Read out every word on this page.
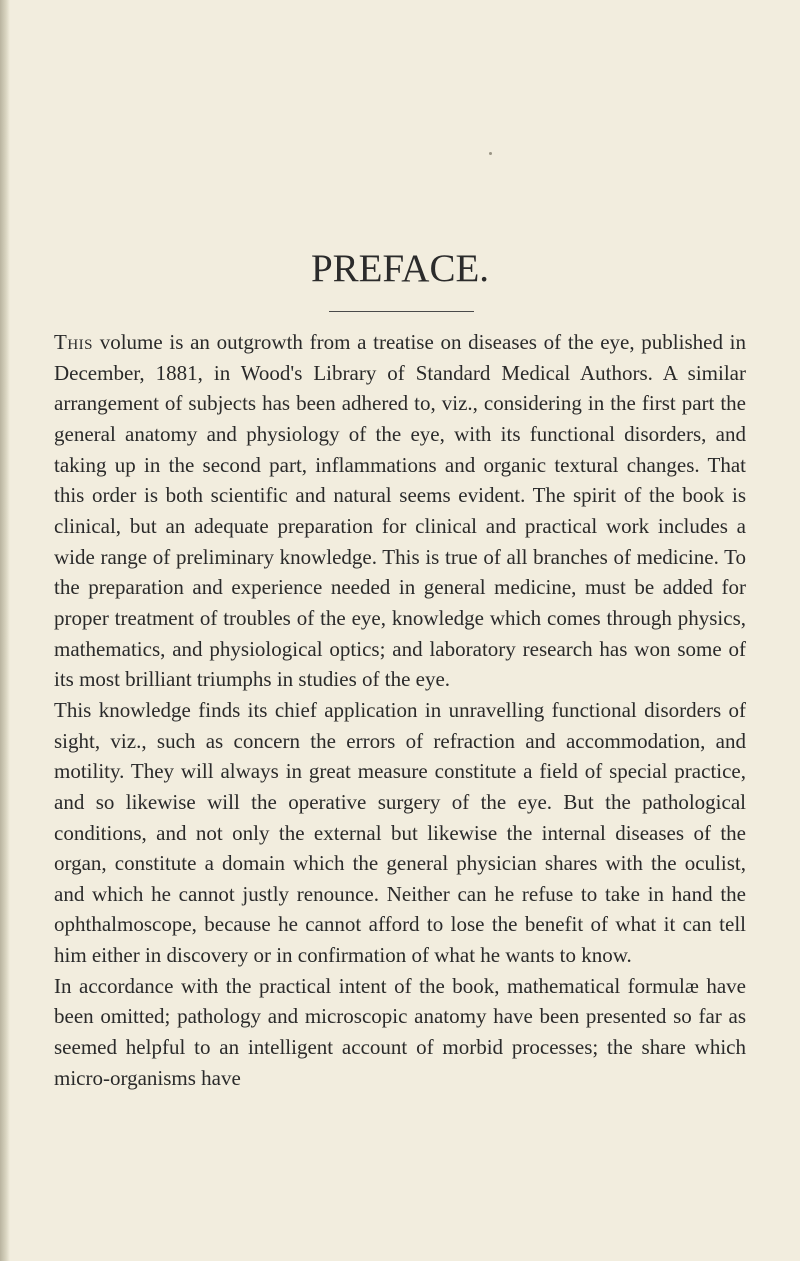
PREFACE.

This volume is an outgrowth from a treatise on diseases of the eye, published in December, 1881, in Wood's Library of Standard Medical Authors. A similar arrangement of subjects has been adhered to, viz., considering in the first part the general anatomy and physiology of the eye, with its functional disorders, and taking up in the second part, inflammations and organic textural changes. That this order is both scientific and natural seems evident. The spirit of the book is clinical, but an adequate preparation for clinical and practical work includes a wide range of preliminary knowledge. This is true of all branches of medicine. To the preparation and experience needed in general medicine, must be added for proper treatment of troubles of the eye, knowledge which comes through physics, mathematics, and physiological optics; and laboratory research has won some of its most brilliant triumphs in studies of the eye.

This knowledge finds its chief application in unravelling functional disorders of sight, viz., such as concern the errors of refraction and accommodation, and motility. They will always in great measure constitute a field of special practice, and so likewise will the operative surgery of the eye. But the pathological conditions, and not only the external but likewise the internal diseases of the organ, constitute a domain which the general physician shares with the oculist, and which he cannot justly renounce. Neither can he refuse to take in hand the ophthalmoscope, because he cannot afford to lose the benefit of what it can tell him either in discovery or in confirmation of what he wants to know.

In accordance with the practical intent of the book, mathematical formulæ have been omitted; pathology and microscopic anatomy have been presented so far as seemed helpful to an intelligent account of morbid processes; the share which micro-organisms have
